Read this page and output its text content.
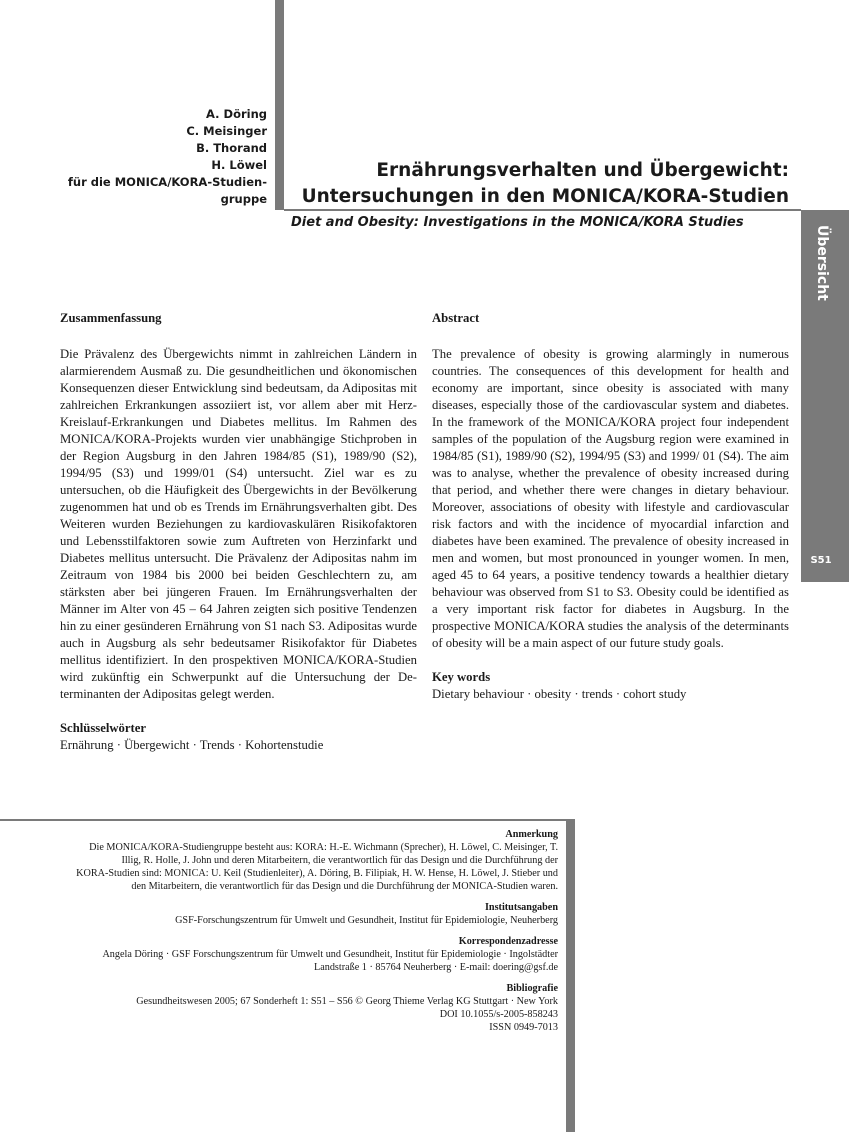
Übersicht
S51
A. Döring
C. Meisinger
B. Thorand
H. Löwel
für die MONICA/KORA-Studien-
gruppe
Ernährungsverhalten und Übergewicht:
Untersuchungen in den MONICA/KORA-Studien
Diet and Obesity: Investigations in the MONICA/KORA Studies
Zusammenfassung

Die Prävalenz des Übergewichts nimmt in zahlreichen Ländern in alarmierendem Ausmaß zu. Die gesundheitlichen und ökonomischen Konsequenzen dieser Entwicklung sind bedeutsam, da Adipositas mit zahlreichen Erkrankungen assoziiert ist, vor allem aber mit Herz-Kreislauf-Erkrankungen und Diabetes mellitus. Im Rahmen des MONICA/KORA-Projekts wurden vier unabhängige Stichproben in der Region Augsburg in den Jahren 1984/85 (S1), 1989/90 (S2), 1994/95 (S3) und 1999/01 (S4) untersucht. Ziel war es zu untersuchen, ob die Häufigkeit des Übergewichts in der Bevölkerung zugenommen hat und ob es Trends im Ernährungsverhalten gibt. Des Weiteren wurden Beziehungen zu kardiovaskulären Risikofaktoren und Lebensstilfaktoren sowie zum Auftreten von Herzinfarkt und Diabetes mellitus untersucht. Die Prävalenz der Adipositas nahm im Zeitraum von 1984 bis 2000 bei beiden Geschlechtern zu, am stärksten aber bei jüngeren Frauen. Im Ernährungsverhalten der Männer im Alter von 45 – 64 Jahren zeigten sich positive Tendenzen hin zu einer gesünderen Ernährung von S1 nach S3. Adipositas wurde auch in Augsburg als sehr bedeutsamer Risikofaktor für Diabetes mellitus identifiziert. In den prospektiven MONICA/KORA-Studien wird zukünftig ein Schwerpunkt auf die Untersuchung der Determinanten der Adipositas gelegt werden.

Schlüsselwörter

Ernährung · Übergewicht · Trends · Kohortenstudie

Abstract

The prevalence of obesity is growing alarmingly in numerous countries. The consequences of this development for health and economy are important, since obesity is associated with many diseases, especially those of the cardiovascular system and diabetes. In the framework of the MONICA/KORA project four independent samples of the population of the Augsburg region were examined in 1984/85 (S1), 1989/90 (S2), 1994/95 (S3) and 1999/ 01 (S4). The aim was to analyse, whether the prevalence of obesity increased during that period, and whether there were changes in dietary behaviour. Moreover, associations of obesity with lifestyle and cardiovascular risk factors and with the incidence of myocardial infarction and diabetes have been examined. The prevalence of obesity increased in men and women, but most pronounced in younger women. In men, aged 45 to 64 years, a positive tendency towards a healthier dietary behaviour was observed from S1 to S3. Obesity could be identified as a very important risk factor for diabetes in Augsburg. In the prospective MONICA/KORA studies the analysis of the determinants of obesity will be a main aspect of our future study goals.

Key words

Dietary behaviour · obesity · trends · cohort study

Anmerkung

Die MONICA/KORA-Studiengruppe besteht aus: KORA: H.-E. Wichmann (Sprecher), H. Löwel, C. Meisinger, T.

Illig, R. Holle, J. John und deren Mitarbeitern, die verantwortlich für das Design und die Durchführung der

KORA-Studien sind: MONICA: U. Keil (Studienleiter), A. Döring, B. Filipiak, H. W. Hense, H. Löwel, J. Stieber und

den Mitarbeitern, die verantwortlich für das Design und die Durchführung der MONICA-Studien waren.

Institutsangaben

GSF-Forschungszentrum für Umwelt und Gesundheit, Institut für Epidemiologie, Neuherberg

Korrespondenzadresse

Angela Döring · GSF Forschungszentrum für Umwelt und Gesundheit, Institut für Epidemiologie · Ingolstädter

Landstraße 1 · 85764 Neuherberg · E-mail: doering@gsf.de

Bibliografie

Gesundheitswesen 2005; 67 Sonderheft 1: S51 – S56 © Georg Thieme Verlag KG Stuttgart · New York

DOI 10.1055/s-2005-858243

ISSN 0949-7013
